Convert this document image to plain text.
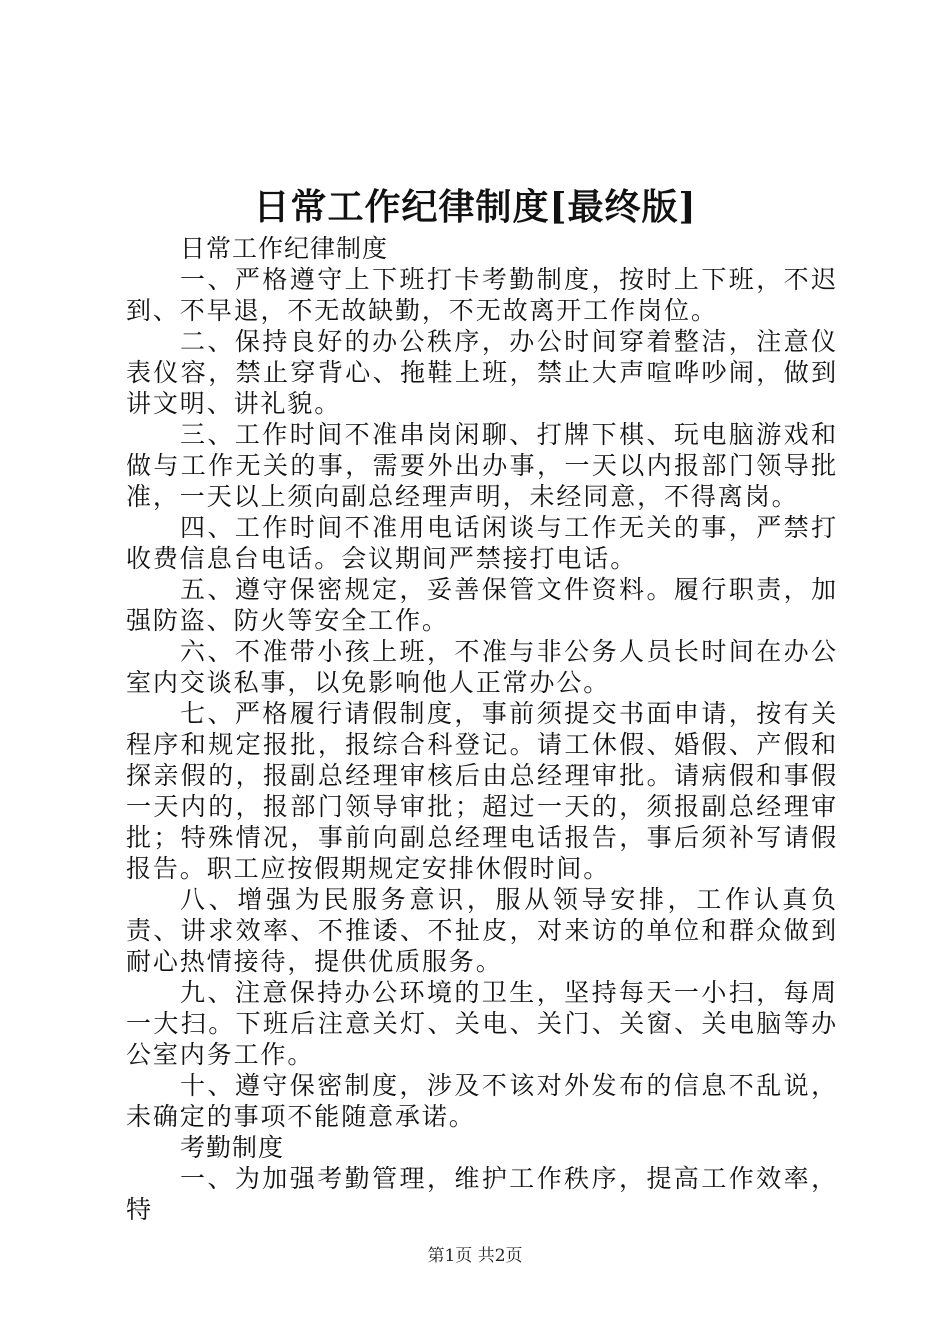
日常工作纪律制度[最终版]

日常工作纪律制度

一、严格遵守上下班打卡考勤制度，按时上下班，不迟到、不早退，不无故缺勤，不无故离开工作岗位。

二、保持良好的办公秩序，办公时间穿着整洁，注意仪表仪容，禁止穿背心、拖鞋上班，禁止大声喧哗吵闹，做到讲文明、讲礼貌。

三、工作时间不准串岗闲聊、打牌下棋、玩电脑游戏和做与工作无关的事，需要外出办事，一天以内报部门领导批准，一天以上须向副总经理声明，未经同意，不得离岗。

四、工作时间不准用电话闲谈与工作无关的事，严禁打收费信息台电话。会议期间严禁接打电话。

五、遵守保密规定，妥善保管文件资料。履行职责，加强防盗、防火等安全工作。

六、不准带小孩上班，不准与非公务人员长时间在办公室内交谈私事，以免影响他人正常办公。

七、严格履行请假制度，事前须提交书面申请，按有关程序和规定报批，报综合科登记。请工休假、婚假、产假和探亲假的，报副总经理审核后由总经理审批。请病假和事假一天内的，报部门领导审批；超过一天的，须报副总经理审批；特殊情况，事前向副总经理电话报告，事后须补写请假报告。职工应按假期规定安排休假时间。

八、增强为民服务意识，服从领导安排，工作认真负责、讲求效率、不推诿、不扯皮，对来访的单位和群众做到耐心热情接待，提供优质服务。

九、注意保持办公环境的卫生，坚持每天一小扫，每周一大扫。下班后注意关灯、关电、关门、关窗、关电脑等办公室内务工作。

十、遵守保密制度，涉及不该对外发布的信息不乱说，未确定的事项不能随意承诺。

考勤制度

一、为加强考勤管理，维护工作秩序，提高工作效率，特

第1页 共2页
